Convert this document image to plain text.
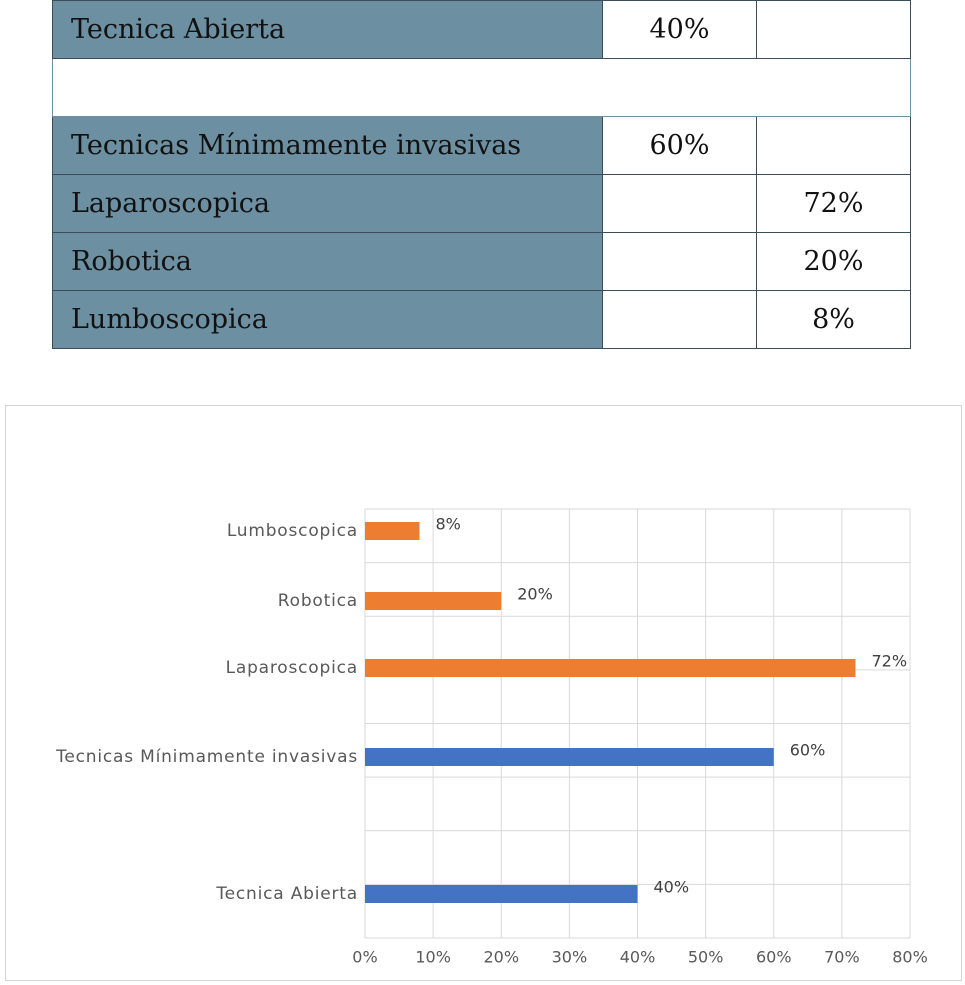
Tecnica Abierta	40%	

Tecnicas Mínimamente invasivas	60%	
Laparoscopica		72%
Robotica		20%
Lumboscopica		8%
Tecnica Abierta
Tecnicas Mínimamente invasivas
Laparoscopica
Robotica
Lumboscopica
40%
60%
72%
20%
8%
0% 10% 20% 30% 40% 50% 60% 70% 80%
